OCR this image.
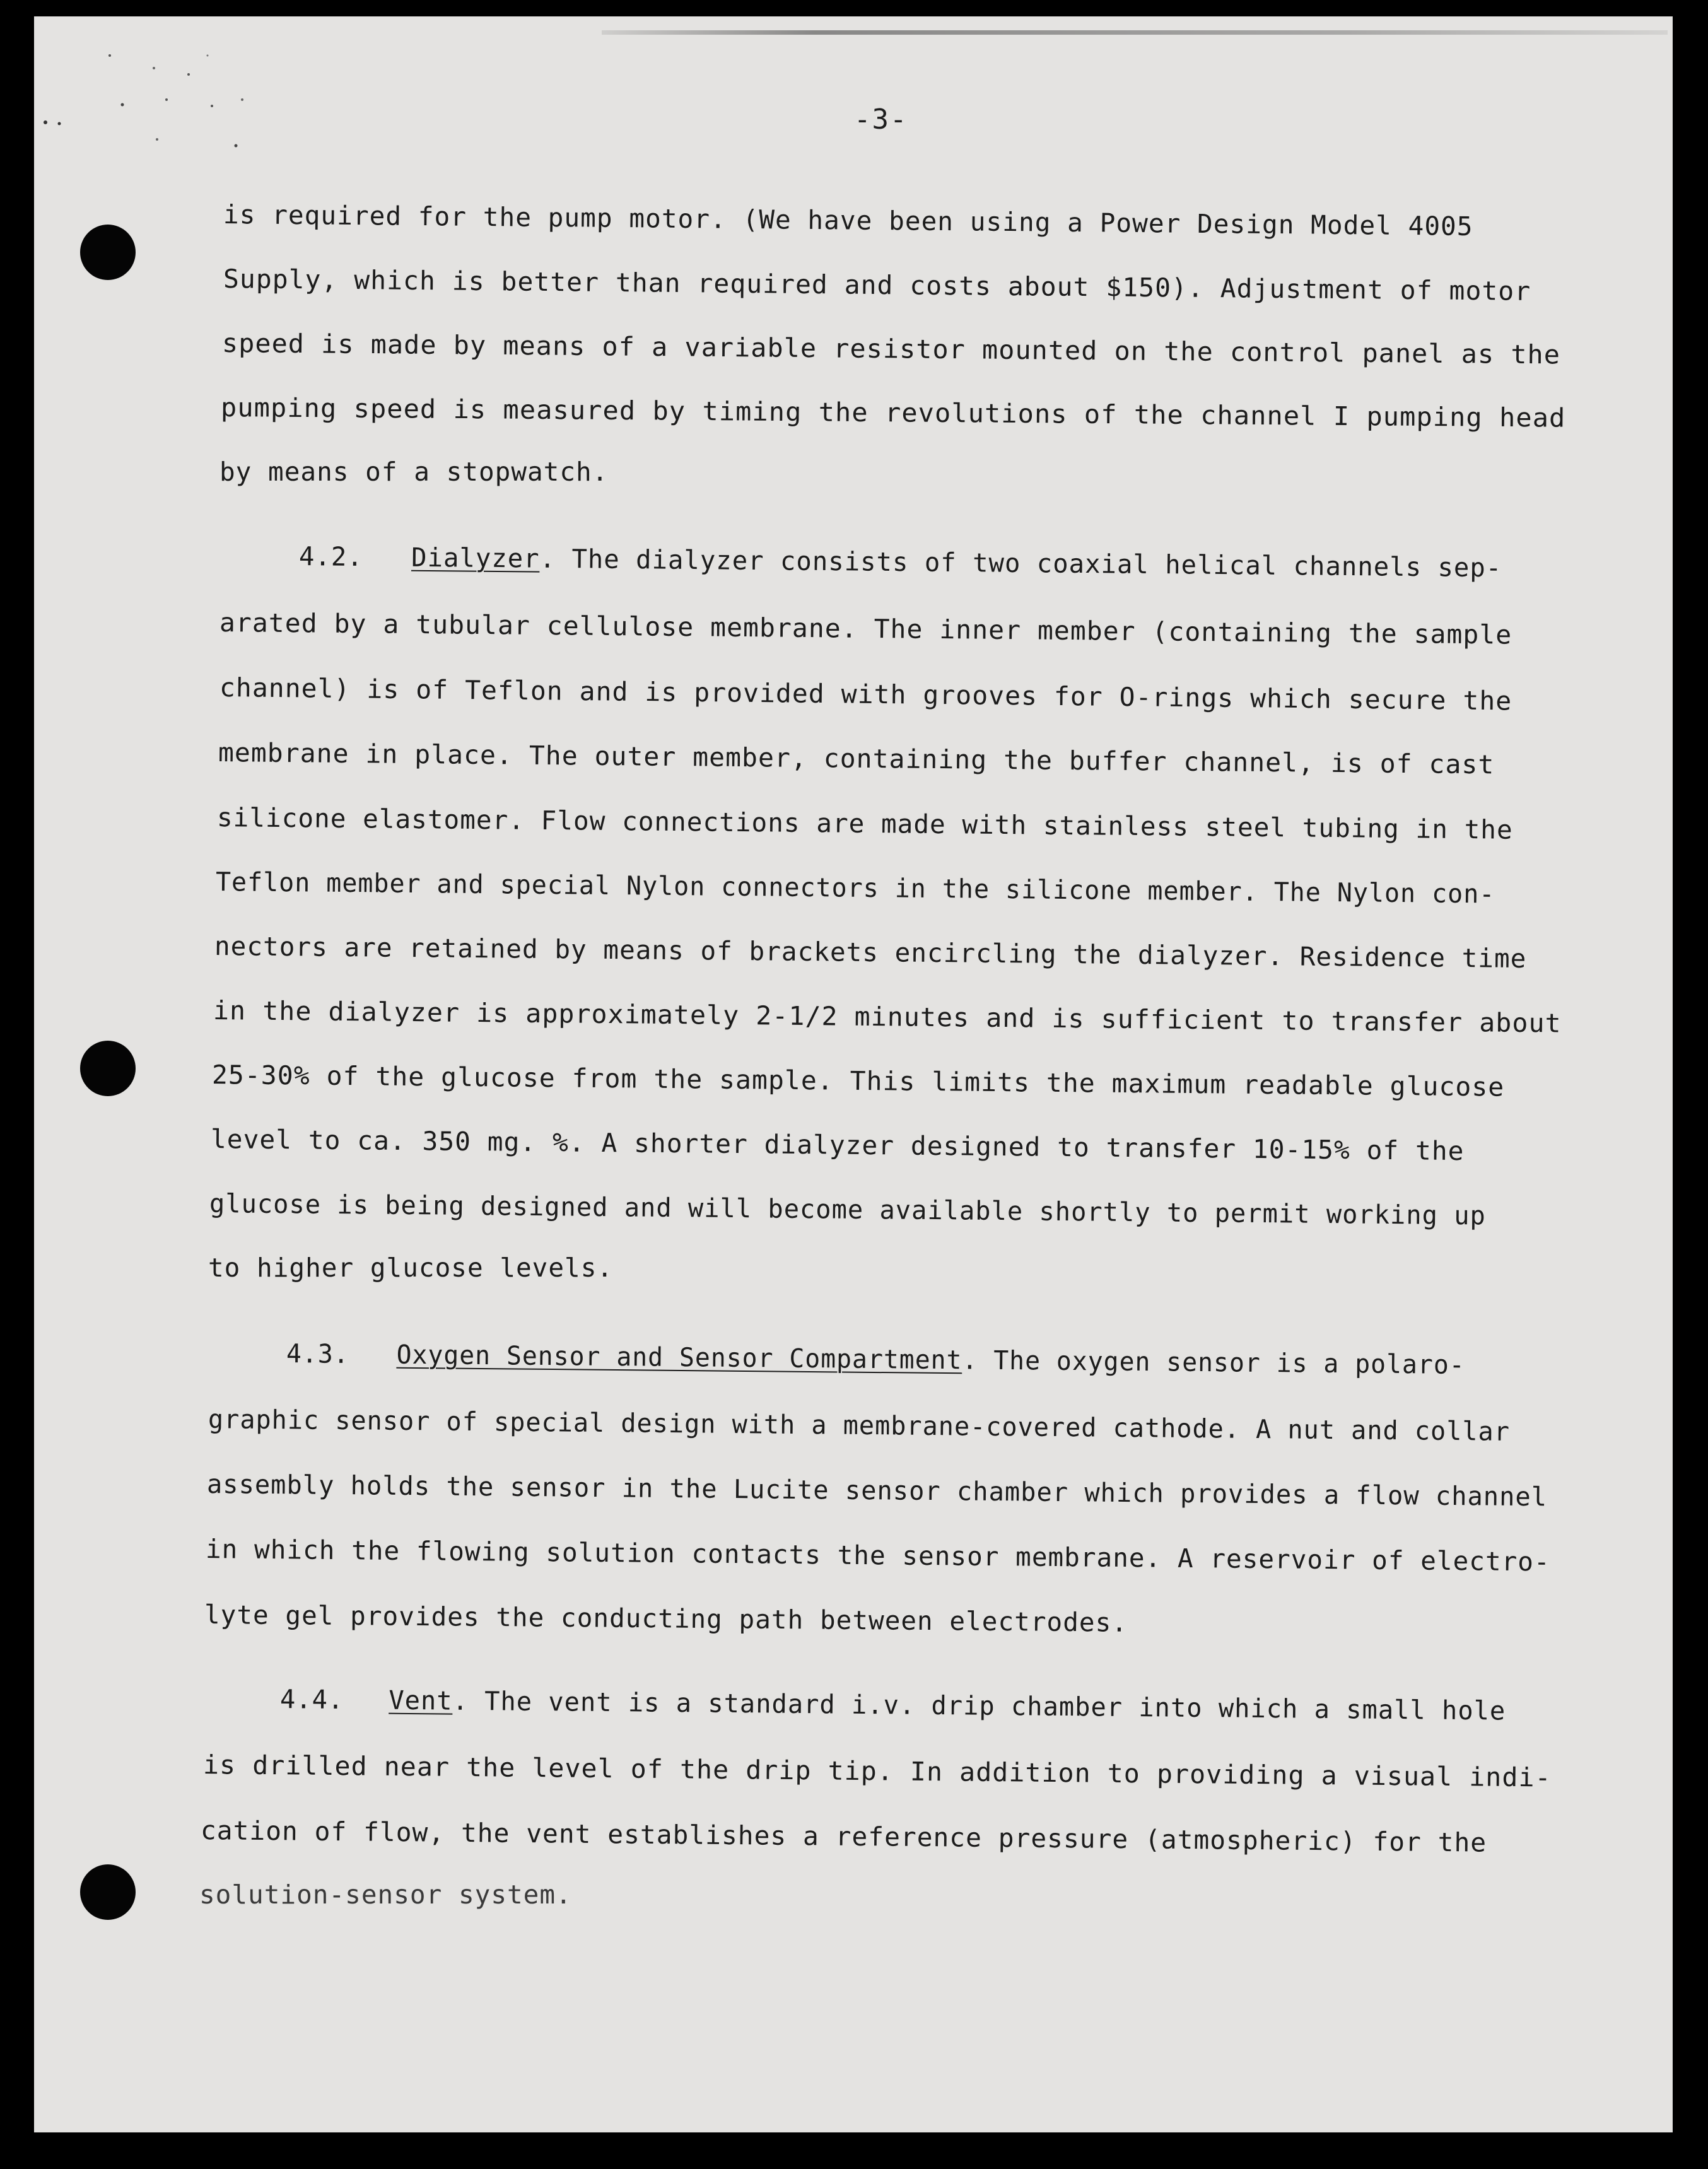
-3-
is required for the pump motor. (We have been using a Power Design Model 4005
Supply, which is better than required and costs about $150). Adjustment of motor
speed is made by means of a variable resistor mounted on the control panel as the
pumping speed is measured by timing the revolutions of the channel I pumping head
by means of a stopwatch.
4.2. Dialyzer. The dialyzer consists of two coaxial helical channels sep-
arated by a tubular cellulose membrane. The inner member (containing the sample
channel) is of Teflon and is provided with grooves for O-rings which secure the
membrane in place. The outer member, containing the buffer channel, is of cast
silicone elastomer. Flow connections are made with stainless steel tubing in the
Teflon member and special Nylon connectors in the silicone member. The Nylon con-
nectors are retained by means of brackets encircling the dialyzer. Residence time
in the dialyzer is approximately 2-1/2 minutes and is sufficient to transfer about
25-30% of the glucose from the sample. This limits the maximum readable glucose
level to ca. 350 mg. %. A shorter dialyzer designed to transfer 10-15% of the
glucose is being designed and will become available shortly to permit working up
to higher glucose levels.
4.3. Oxygen Sensor and Sensor Compartment. The oxygen sensor is a polaro-
graphic sensor of special design with a membrane-covered cathode. A nut and collar
assembly holds the sensor in the Lucite sensor chamber which provides a flow channel
in which the flowing solution contacts the sensor membrane. A reservoir of electro-
lyte gel provides the conducting path between electrodes.
4.4. Vent. The vent is a standard i.v. drip chamber into which a small hole
is drilled near the level of the drip tip. In addition to providing a visual indi-
cation of flow, the vent establishes a reference pressure (atmospheric) for the
solution-sensor system.
